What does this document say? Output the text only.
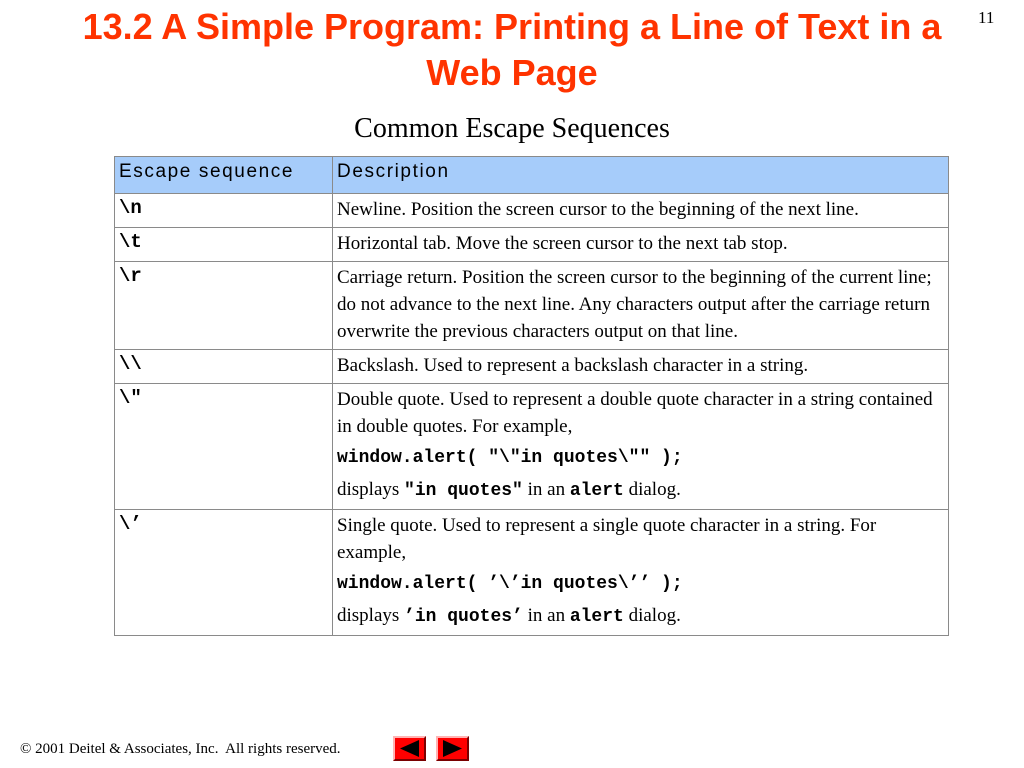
13.2 A Simple Program: Printing a Line of Text in a
Web Page
11
Common Escape Sequences
Escape sequence	Description
\n	Newline. Position the screen cursor to the beginning of the next line.
\t	Horizontal tab. Move the screen cursor to the next tab stop.
\r	Carriage return. Position the screen cursor to the beginning of the current line; do not advance to the next line. Any characters output after the carriage return overwrite the previous characters output on that line.
\\	Backslash. Used to represent a backslash character in a string.
\"	Double quote. Used to represent a double quote character in a string contained in double quotes. For example,
window.alert( "\"in quotes\"" );
displays "in quotes" in an alert dialog.

\’	Single quote. Used to represent a single quote character in a string. For example,
window.alert( ’\’in quotes\’’ );
displays ’in quotes’ in an alert dialog.
© 2001 Deitel & Associates, Inc.  All rights reserved.
